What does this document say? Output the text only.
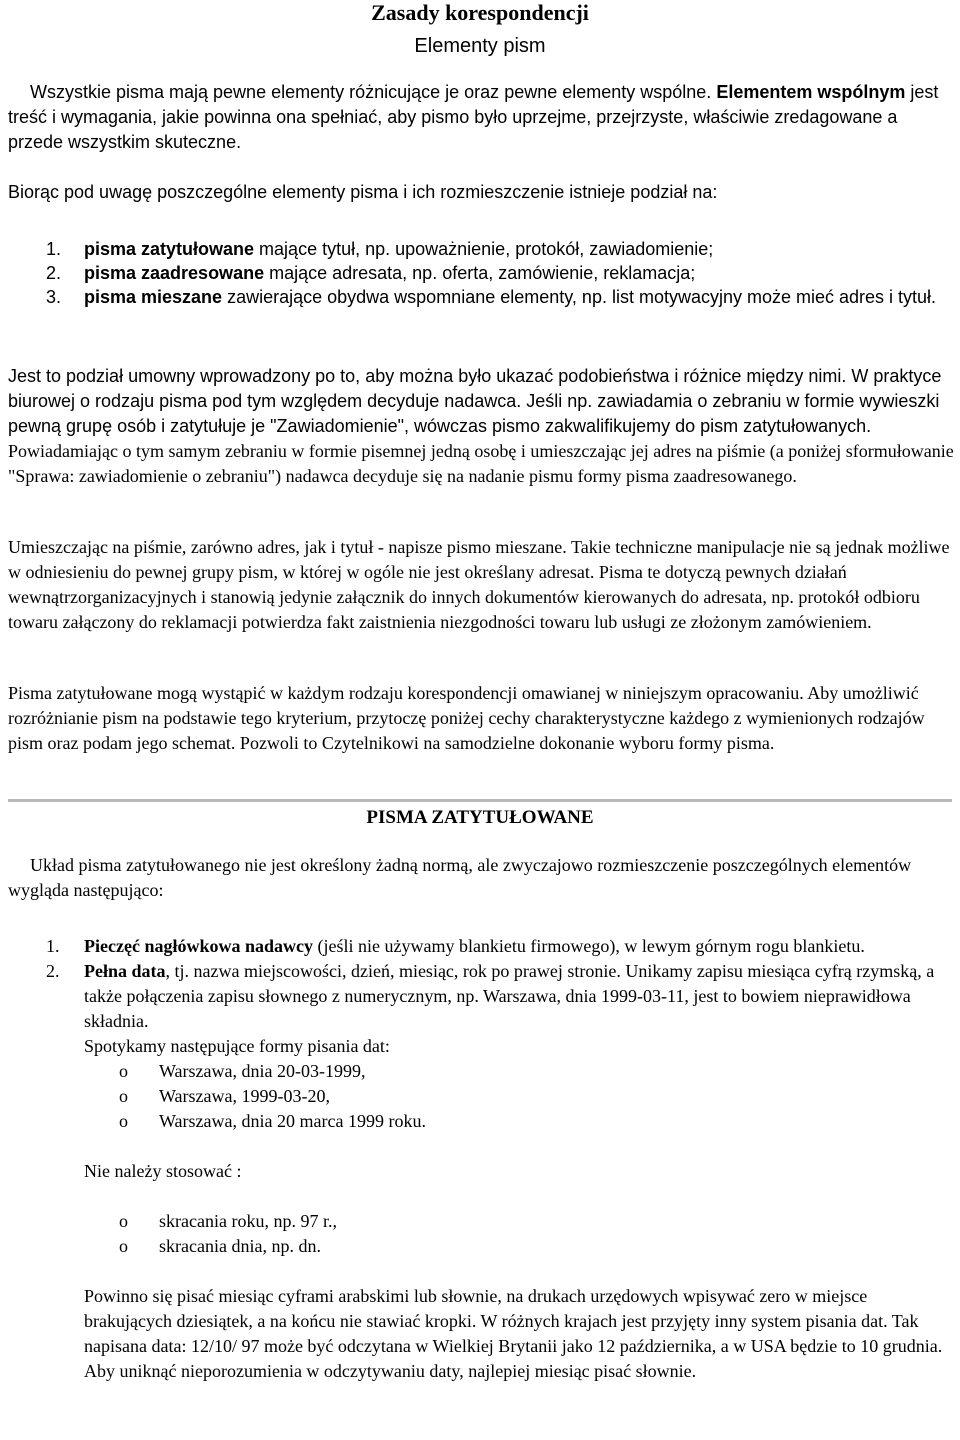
Zasady korespondencji
Elementy pism

Wszystkie pisma mają pewne elementy różnicujące je oraz pewne elementy wspólne. Elementem wspólnym jest treść i wymagania, jakie powinna ona spełniać, aby pismo było uprzejme, przejrzyste, właściwie zredagowane a przede wszystkim skuteczne.

Biorąc pod uwagę poszczególne elementy pisma i ich rozmieszczenie istnieje podział na:

1. pisma zatytułowane mające tytuł, np. upoważnienie, protokół, zawiadomienie;
2. pisma zaadresowane mające adresata, np. oferta, zamówienie, reklamacja;
3. pisma mieszane zawierające obydwa wspomniane elementy, np. list motywacyjny może mieć adres i tytuł.

Jest to podział umowny wprowadzony po to, aby można było ukazać podobieństwa i różnice między nimi. W praktyce biurowej o rodzaju pisma pod tym względem decyduje nadawca. Jeśli np. zawiadamia o zebraniu w formie wywieszki pewną grupę osób i zatytułuje je "Zawiadomienie", wówczas pismo zakwalifikujemy do pism zatytułowanych. Powiadamiając o tym samym zebraniu w formie pisemnej jedną osobę i umieszczając jej adres na piśmie (a poniżej sformułowanie "Sprawa: zawiadomienie o zebraniu") nadawca decyduje się na nadanie pismu formy pisma zaadresowanego.

Umieszczając na piśmie, zarówno adres, jak i tytuł - napisze pismo mieszane. Takie techniczne manipulacje nie są jednak możliwe w odniesieniu do pewnej grupy pism, w której w ogóle nie jest określany adresat. Pisma te dotyczą pewnych działań wewnątrzorganizacyjnych i stanowią jedynie załącznik do innych dokumentów kierowanych do adresata, np. protokół odbioru towaru załączony do reklamacji potwierdza fakt zaistnienia niezgodności towaru lub usługi ze złożonym zamówieniem.

Pisma zatytułowane mogą wystąpić w każdym rodzaju korespondencji omawianej w niniejszym opracowaniu. Aby umożliwić rozróżnianie pism na podstawie tego kryterium, przytoczę poniżej cechy charakterystyczne każdego z wymienionych rodzajów pism oraz podam jego schemat. Pozwoli to Czytelnikowi na samodzielne dokonanie wyboru formy pisma.

PISMA ZATYTUŁOWANE

Układ pisma zatytułowanego nie jest określony żadną normą, ale zwyczajowo rozmieszczenie poszczególnych elementów wygląda następująco:

1. Pieczęć nagłówkowa nadawcy (jeśli nie używamy blankietu firmowego), w lewym górnym rogu blankietu.
2. Pełna data, tj. nazwa miejscowości, dzień, miesiąc, rok po prawej stronie. Unikamy zapisu miesiąca cyfrą rzymską, a także połączenia zapisu słownego z numerycznym, np. Warszawa, dnia 1999-03-11, jest to bowiem nieprawidłowa składnia.
Spotykamy następujące formy pisania dat:
o Warszawa, dnia 20-03-1999,
o Warszawa, 1999-03-20,
o Warszawa, dnia 20 marca 1999 roku.
Nie należy stosować :
o skracania roku, np. 97 r.,
o skracania dnia, np. dn.
Powinno się pisać miesiąc cyframi arabskimi lub słownie, na drukach urzędowych wpisywać zero w miejsce brakujących dziesiątek, a na końcu nie stawiać kropki. W różnych krajach jest przyjęty inny system pisania dat. Tak napisana data: 12/10/ 97 może być odczytana w Wielkiej Brytanii jako 12 października, a w USA będzie to 10 grudnia. Aby uniknąć nieporozumienia w odczytywaniu daty, najlepiej miesiąc pisać słownie.
